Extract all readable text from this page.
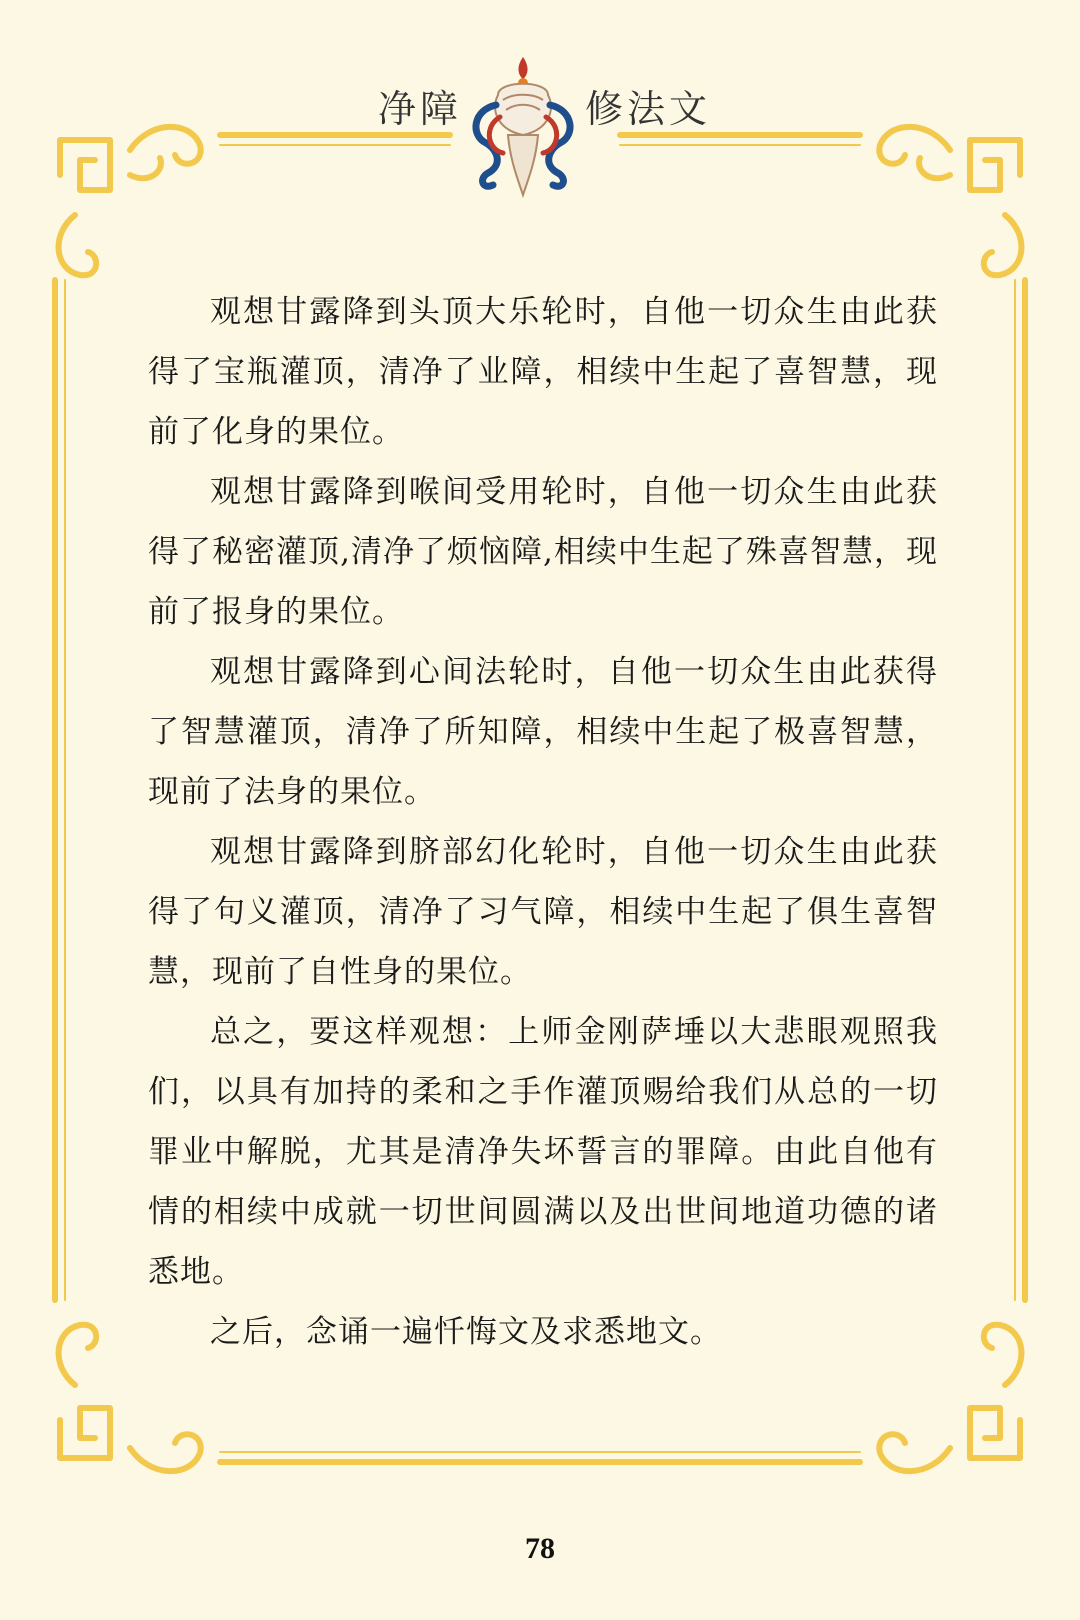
净障	修法文

观想甘露降到头顶大乐轮时，自他一切众生由此获得了宝瓶灌顶，清净了业障，相续中生起了喜智慧，现前了化身的果位。

观想甘露降到喉间受用轮时，自他一切众生由此获得了秘密灌顶,清净了烦恼障,相续中生起了殊喜智慧，现前了报身的果位。

观想甘露降到心间法轮时，自他一切众生由此获得了智慧灌顶，清净了所知障，相续中生起了极喜智慧，现前了法身的果位。

观想甘露降到脐部幻化轮时，自他一切众生由此获得了句义灌顶，清净了习气障，相续中生起了俱生喜智慧，现前了自性身的果位。

总之，要这样观想：上师金刚萨埵以大悲眼观照我们，以具有加持的柔和之手作灌顶赐给我们从总的一切罪业中解脱，尤其是清净失坏誓言的罪障。由此自他有情的相续中成就一切世间圆满以及出世间地道功德的诸悉地。

之后，念诵一遍忏悔文及求悉地文。

78
